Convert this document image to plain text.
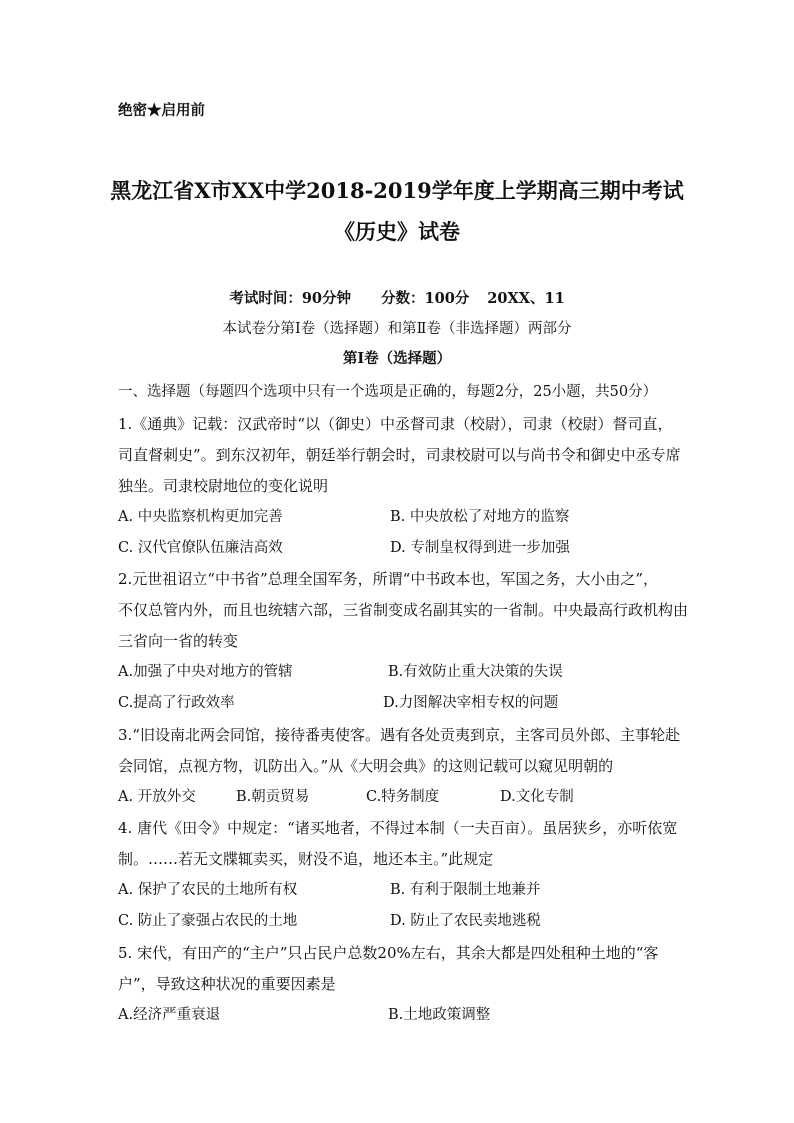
绝密★启用前
黑龙江省X市XX中学2018-2019学年度上学期高三期中考试
《历史》试卷
考试时间：90分钟 分数：100分 20XX、11
本试卷分第Ⅰ卷（选择题）和第Ⅱ卷（非选择题）两部分
第Ⅰ卷（选择题）
一、选择题（每题四个选项中只有一个选项是正确的，每题2分，25小题，共50分）
1.《通典》记载：汉武帝时“以（御史）中丞督司隶（校尉），司隶（校尉）督司直，
司直督刺史”。到东汉初年，朝廷举行朝会时，司隶校尉可以与尚书令和御史中丞专席
独坐。司隶校尉地位的变化说明
A. 中央监察机构更加完善	B. 中央放松了对地方的监察
C. 汉代官僚队伍廉洁高效	D. 专制皇权得到进一步加强
2.元世祖诏立“中书省”总理全国军务，所谓“中书政本也，军国之务，大小由之”，
不仅总管内外，而且也统辖六部，三省制变成名副其实的一省制。中央最高行政机构由
三省向一省的转变
A.加强了中央对地方的管辖	B.有效防止重大决策的失误
C.提高了行政效率	D.力图解决宰相专权的问题
3.“旧设南北两会同馆，接待番夷使客。遇有各处贡夷到京，主客司员外郎、主事轮赴
会同馆，点视方物，讥防出入。”从《大明会典》的这则记载可以窥见明朝的
A. 开放外交	B.朝贡贸易	C.特务制度	D.文化专制
4. 唐代《田令》中规定：“诸买地者，不得过本制（一夫百亩）。虽居狭乡，亦听依宽
制。……若无文牒辄卖买，财没不追，地还本主。”此规定
A. 保护了农民的土地所有权	B. 有利于限制土地兼并
C. 防止了豪强占农民的土地	D. 防止了农民卖地逃税
5. 宋代，有田产的“主户”只占民户总数20%左右，其余大都是四处租种土地的“客
户”，导致这种状况的重要因素是
A.经济严重衰退	B.土地政策调整
